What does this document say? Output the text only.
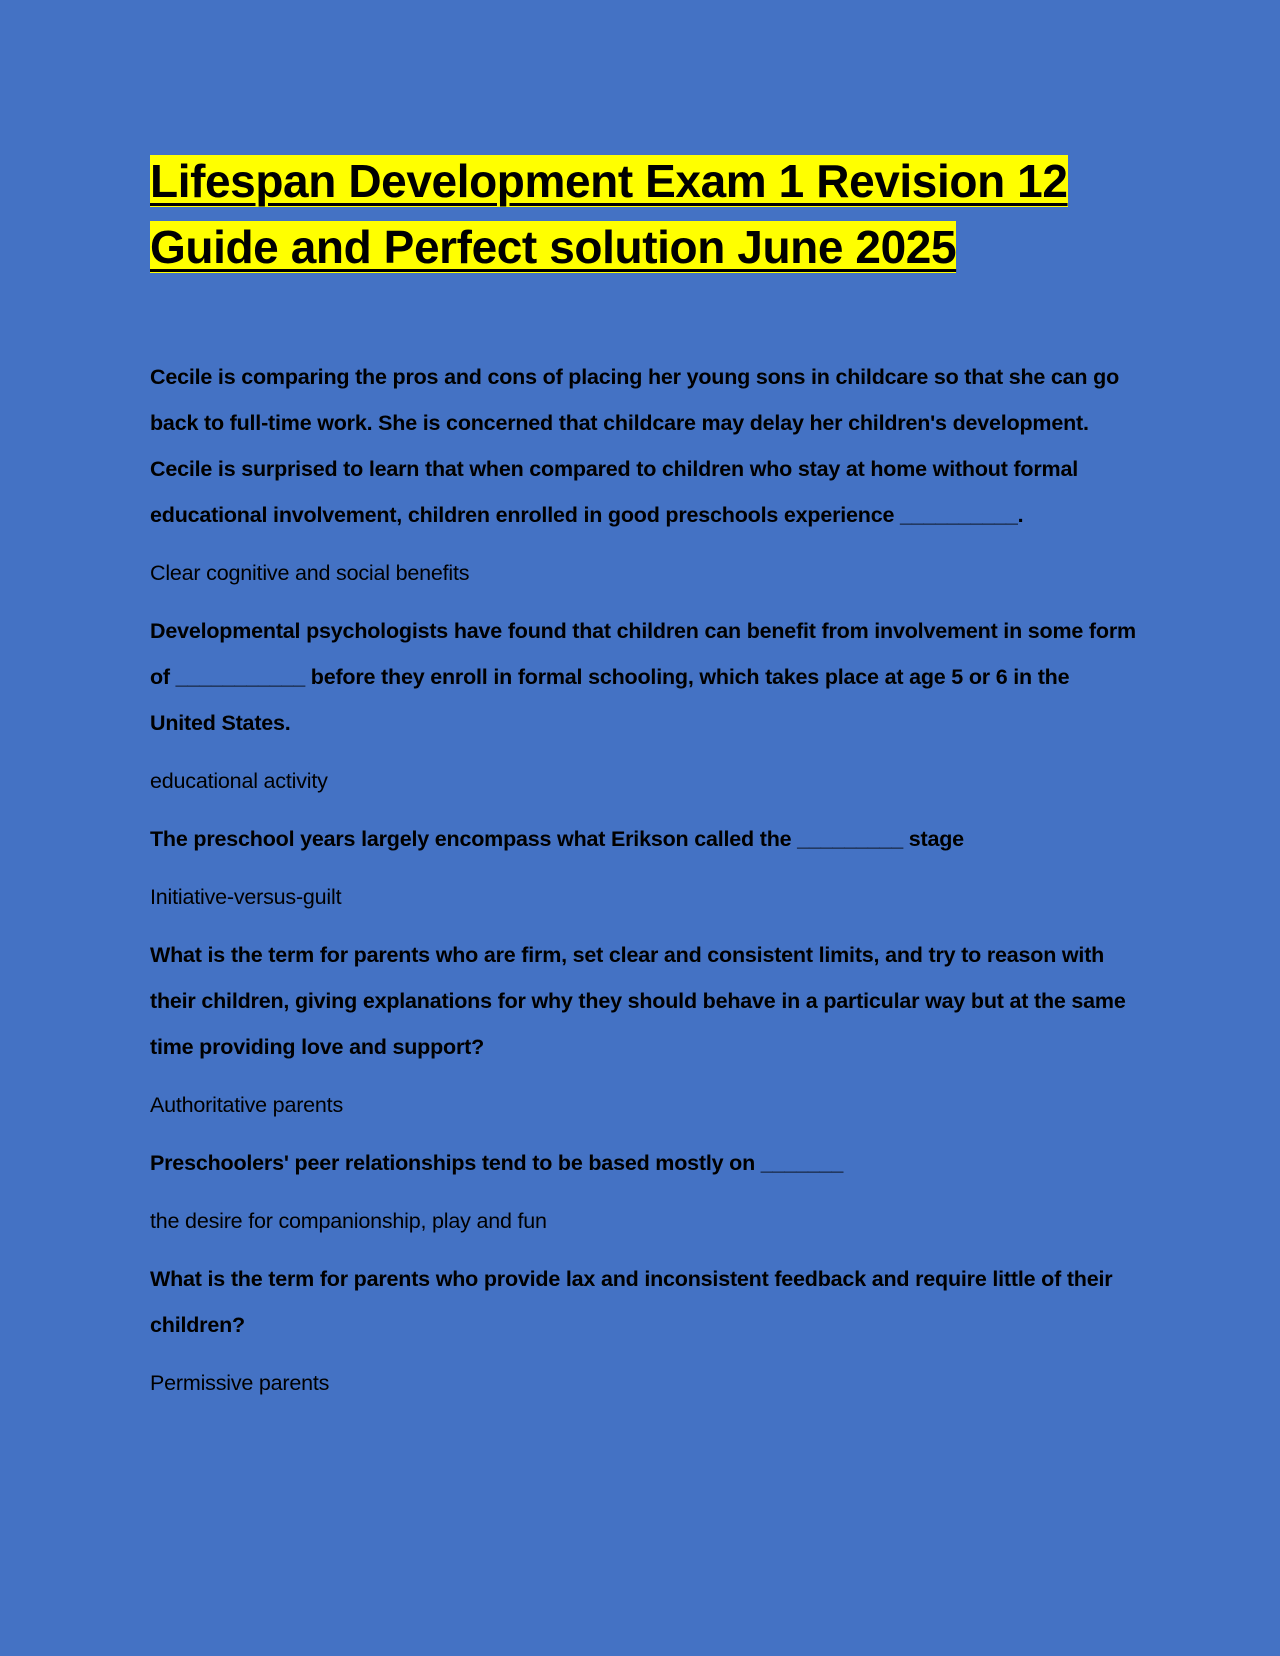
Lifespan Development Exam 1 Revision 12
Guide and Perfect solution June 2025

Cecile is comparing the pros and cons of placing her young sons in childcare so that she can go back to full-time work. She is concerned that childcare may delay her children's development. Cecile is surprised to learn that when compared to children who stay at home without formal educational involvement, children enrolled in good preschools experience __________.

Clear cognitive and social benefits

Developmental psychologists have found that children can benefit from involvement in some form of ___________ before they enroll in formal schooling, which takes place at age 5 or 6 in the United States.

educational activity

The preschool years largely encompass what Erikson called the _________ stage

Initiative-versus-guilt

What is the term for parents who are firm, set clear and consistent limits, and try to reason with their children, giving explanations for why they should behave in a particular way but at the same time providing love and support?

Authoritative parents

Preschoolers' peer relationships tend to be based mostly on _______

the desire for companionship, play and fun

What is the term for parents who provide lax and inconsistent feedback and require little of their children?

Permissive parents
